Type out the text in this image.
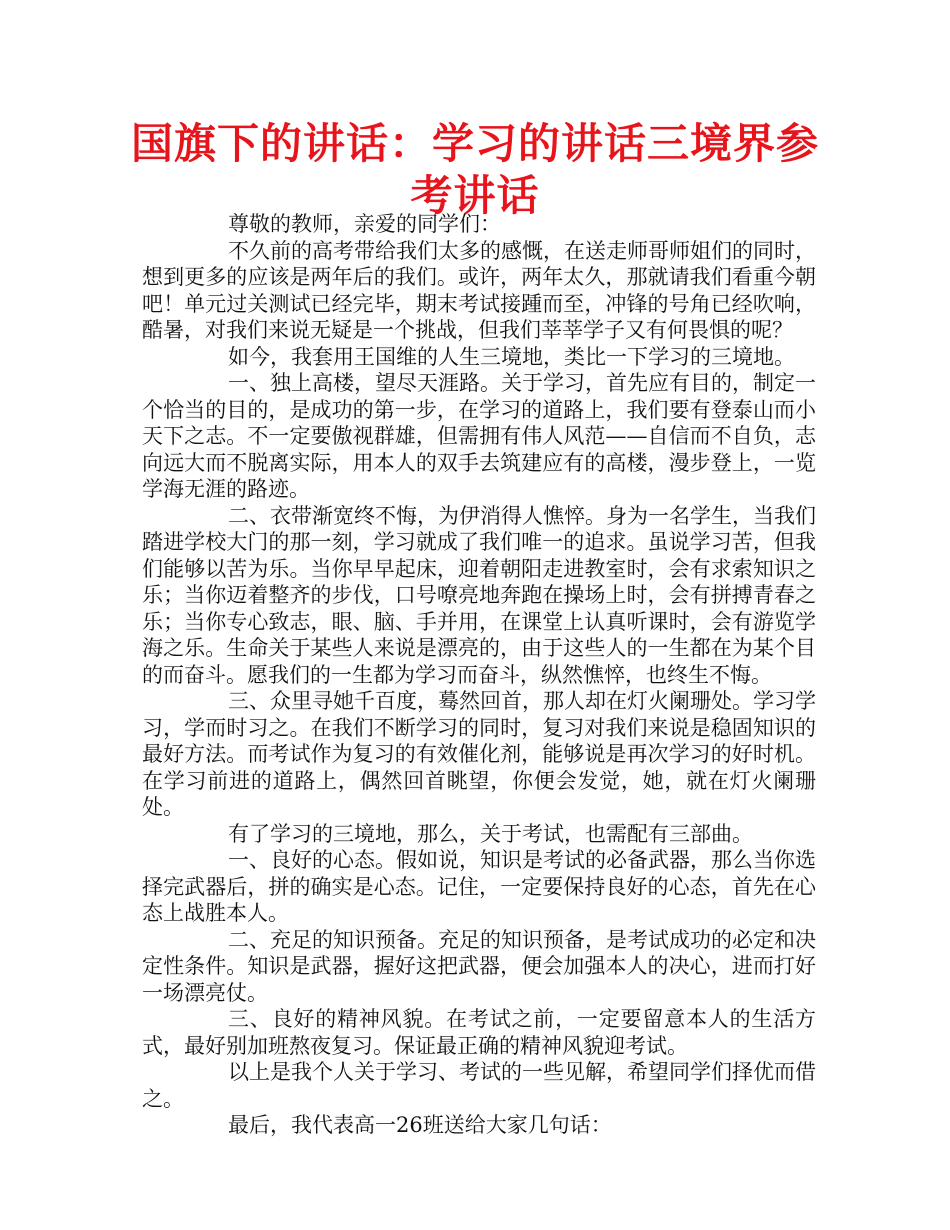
国旗下的讲话：学习的讲话三境界参考讲话

尊敬的教师，亲爱的同学们：

不久前的高考带给我们太多的感慨，在送走师哥师姐们的同时，想到更多的应该是两年后的我们。或许，两年太久，那就请我们看重今朝吧！单元过关测试已经完毕，期末考试接踵而至，冲锋的号角已经吹响，酷暑，对我们来说无疑是一个挑战，但我们莘莘学子又有何畏惧的呢？

如今，我套用王国维的人生三境地，类比一下学习的三境地。

一、独上高楼，望尽天涯路。关于学习，首先应有目的，制定一个恰当的目的，是成功的第一步，在学习的道路上，我们要有登泰山而小天下之志。不一定要傲视群雄，但需拥有伟人风范——自信而不自负，志向远大而不脱离实际，用本人的双手去筑建应有的高楼，漫步登上，一览学海无涯的路迹。

二、衣带渐宽终不悔，为伊消得人憔悴。身为一名学生，当我们踏进学校大门的那一刻，学习就成了我们唯一的追求。虽说学习苦，但我们能够以苦为乐。当你早早起床，迎着朝阳走进教室时，会有求索知识之乐；当你迈着整齐的步伐，口号嘹亮地奔跑在操场上时，会有拼搏青春之乐；当你专心致志，眼、脑、手并用，在课堂上认真听课时，会有游览学海之乐。生命关于某些人来说是漂亮的，由于这些人的一生都在为某个目的而奋斗。愿我们的一生都为学习而奋斗，纵然憔悴，也终生不悔。

三、众里寻她千百度，蓦然回首，那人却在灯火阑珊处。学习学习，学而时习之。在我们不断学习的同时，复习对我们来说是稳固知识的最好方法。而考试作为复习的有效催化剂，能够说是再次学习的好时机。在学习前进的道路上，偶然回首眺望，你便会发觉，她，就在灯火阑珊处。

有了学习的三境地，那么，关于考试，也需配有三部曲。

一、良好的心态。假如说，知识是考试的必备武器，那么当你选择完武器后，拼的确实是心态。记住，一定要保持良好的心态，首先在心态上战胜本人。

二、充足的知识预备。充足的知识预备，是考试成功的必定和决定性条件。知识是武器，握好这把武器，便会加强本人的决心，进而打好一场漂亮仗。

三、良好的精神风貌。在考试之前，一定要留意本人的生活方式，最好别加班熬夜复习。保证最正确的精神风貌迎考试。

以上是我个人关于学习、考试的一些见解，希望同学们择优而借之。

最后，我代表高一26班送给大家几句话：
